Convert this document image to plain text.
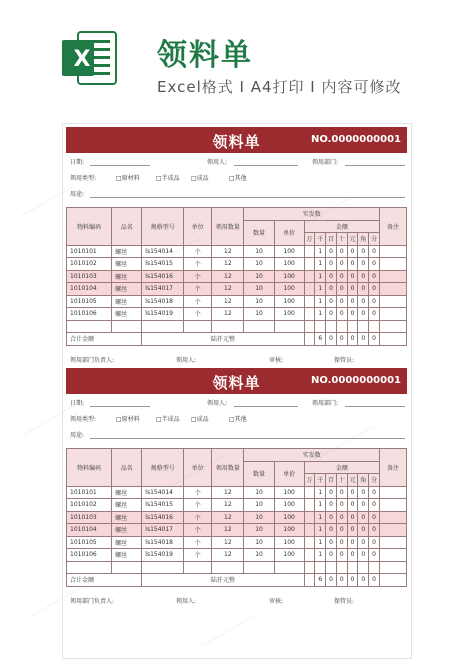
X 领料单
Excel格式 I A4打印 I 内容可修改
领料单	NO.0000000001
日期:	领用人:	领用部门:
领用类型:	□原材料	□半成品 □成品	□其他
用途:
物料编码	品名	规格型号	单位	领用数量	实发数									备注
					数量	单价	金额							
							万	千	百	十	元	角	分	
1010101	螺丝	ls154014	个	12	10	100		1	0	0	0	0	0	
1010102	螺丝	ls154015	个	12	10	100		1	0	0	0	0	0	
1010103	螺丝	ls154016	个	12	10	100		1	0	0	0	0	0	
1010104	螺丝	ls154017	个	12	10	100		1	0	0	0	0	0	
1010105	螺丝	ls154018	个	12	10	100		1	0	0	0	0	0	
1010106	螺丝	ls154019	个	12	10	100		1	0	0	0	0	0	

合计金额		陆仟元整						6	0	0	0	0	0	
领用部门负责人:	领用人:	审核:	保管员:
领料单	NO.0000000001
日期:	领用人:	领用部门:
领用类型:	□原材料	□半成品 □成品	□其他
用途:
物料编码	品名	规格型号	单位	领用数量	实发数									备注
					数量	单价	金额							
							万	千	百	十	元	角	分	
1010101	螺丝	ls154014	个	12	10	100		1	0	0	0	0	0	
1010102	螺丝	ls154015	个	12	10	100		1	0	0	0	0	0	
1010103	螺丝	ls154016	个	12	10	100		1	0	0	0	0	0	
1010104	螺丝	ls154017	个	12	10	100		1	0	0	0	0	0	
1010105	螺丝	ls154018	个	12	10	100		1	0	0	0	0	0	
1010106	螺丝	ls154019	个	12	10	100		1	0	0	0	0	0	

合计金额		陆仟元整						6	0	0	0	0	0	
领用部门负责人:	领用人:	审核:	保管员:
